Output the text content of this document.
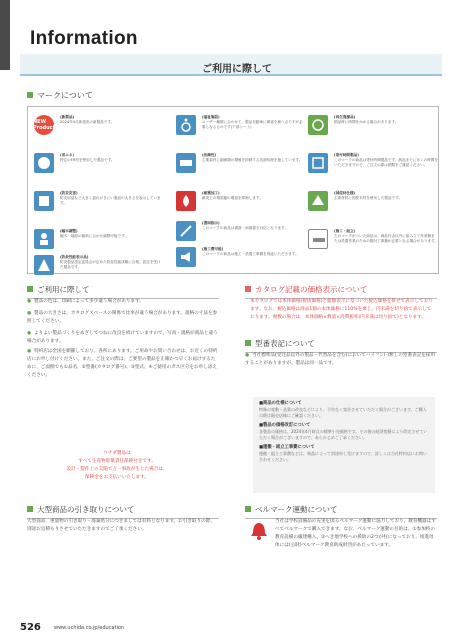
Information
ご利用に際して
マークについて
NEW Product
(新製品)
2024年4月新発売の新製品です。
(省エネ)
特注のFR材を使用した製品です。
(防災災害)
防災用品など大きく揺れがきにい製品の大きさを表示しています。
(幅木調整)
幅木・地面の傾斜に合わせ調整可能です。
(防炎性能表示品)
防炎製品認定委員会が定めた防炎性能試験に合格、認定を受けた製品です。
(福祉施設)
ユーザー種類に合わせて、製品自動車に障害を補う点で才が必要となるものです(下部シート)
(抗菌性)
主要素材に細菌類の増殖を抑制する抗菌処理を施しています。
(耐震加工)
耐炎上の増設額の増加を抑制します。
(書面指示)
このマークの商品は書面・両面書き対応となります。
(施工費可能)
このマークの商品は施工・設置工事費を別途いただきます。
(再生資源品)
納品時に時間をかかる場合があります。
(寄付時間製品)
このマークの商品は寄付時間製品です。納品までに多くの時間をいただきますので、ご注文の際は納期をご確認ください。
(国産材仕様)
主要材料に国産木材を使用した製品です。
(施工・組立)
左のマークがついた商品は、商品代金以外に組み立て作業費または設置作業のための据付工事費が必要となる場合があります。
ご利用に際して
● 製品の色は、印刷によって多少違う場合があります。
● 製品の大きさは、カタログスペースの関係で比率が違う場合があります。規格の寸法を参照してください。
● よりよい製品づくりをめざしてつねに改良を続けていますので、写真・規格が商品と違う場合があります。
● 特約店は全国を網羅しており、各所にあります。ご用命やお問い合わせは、お近くの特約店にお申し付けください。また、ご注文の際は、ご要望の製品を正確かつ早くお届けするために、ご面倒でも①品名、②型番(カタログ番号)、③型式、④ご使用のガス区分をお申し添えください。
ウチダ製品は
すべて生産物賠償責任保険付きです。
設計・製作上の欠陥で万一事故が生じた場合は、
保険金をお支払いいたします。
カタログ記載の価格表示について
本カタログでは本体価格(税抜価格)と総額表示に基づいた税込価格を併せて表示しております。なお、税込価格は商品1個の本体価格に110%を乗じ、円未満を切り捨て表示しております。複数の場合は、本体価格×数量×消費税率(円未満は切り捨て)となります。
型番表記について
● 当社標準品(受注品以外の製品・代替品を含む)においてハイフン(-)無しの型番表記を採用することがありますが、製品は同一品です。
■商品の仕様について
特殊の変動・品質の改良などにより、予告なく変更させていただく場合がございます。ご購入の際は販売店様にご確認ください。
■製品の価格改訂について
各製品の価格は、2024年4月時点の標準小売価格です。その後の経済変動により改定させていただく場合がございますので、あらかじめご了承ください。
■運搬・組立工事費について
運搬・組立工事費などは、商品によって別途申し受けますので、詳しくは当社特約店にお問い合わせください。
大型商品の引き取りについて
大型商品、重量物の引き取り・廃棄処分につきましては有料となります。お引き取りの際、別途お見積もりさせていただきますのでご了承ください。
ベルマーク運動について
当社は学校設備品の充実を図るベルマーク運動に協力しており、教育機器はすべてベルマークで購入できます。なお、ベルマーク運動の目的は、①参加校の教育設備の級建構入、②へき地学校への援助の2つが柱になっており、推進母体には(公財)ベルマーク教育助成財団があたっています。
526	www.uchida.co.jp/education
